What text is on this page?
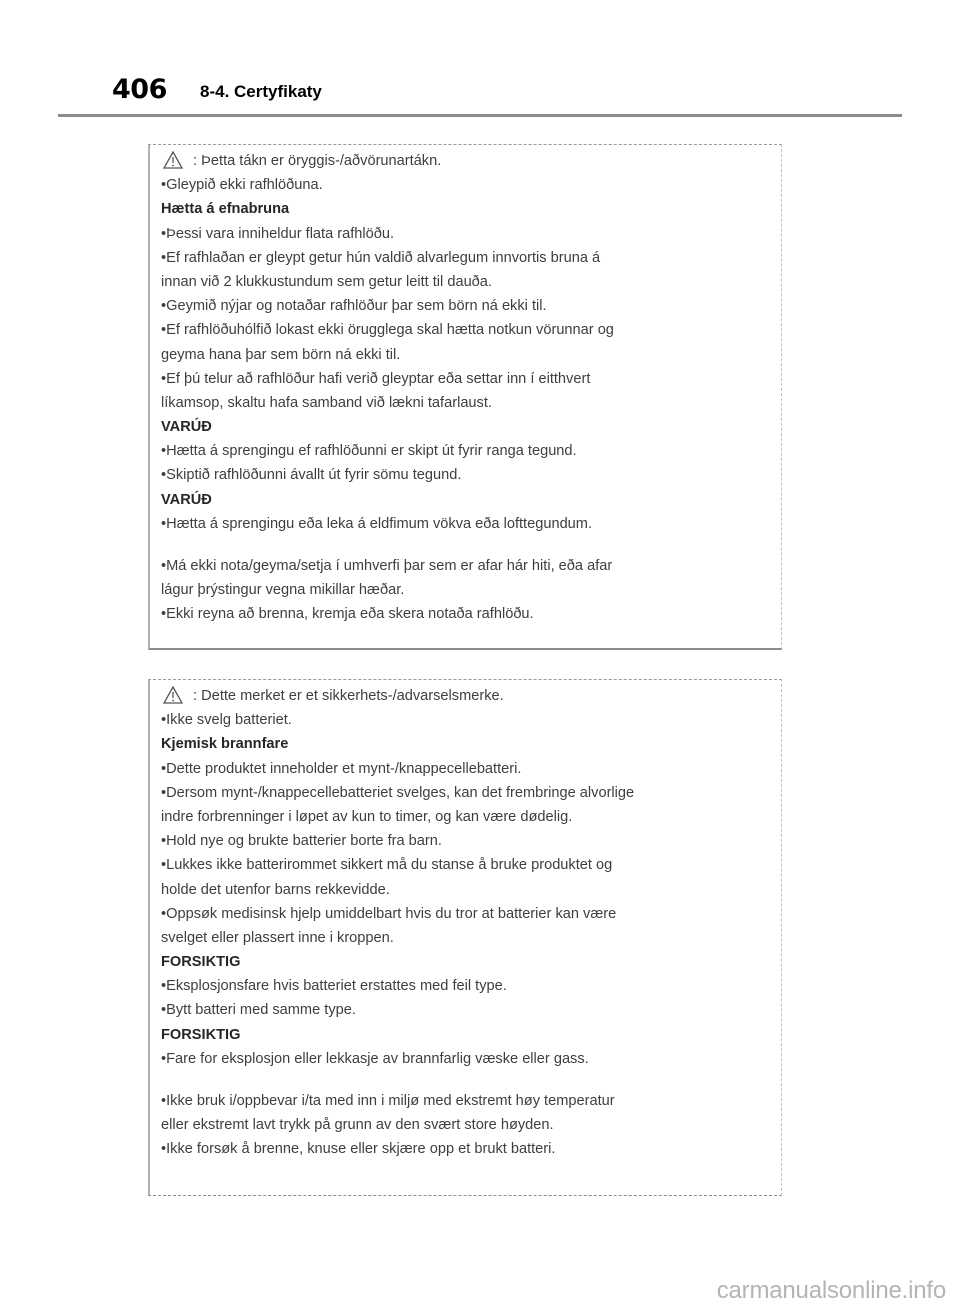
406 8-4. Certyfikaty
: Þetta tákn er öryggis-/aðvörunartákn.
•Gleypið ekki rafhlöðuna.
Hætta á efnabruna
•Þessi vara inniheldur flata rafhlöðu.
•Ef rafhlaðan er gleypt getur hún valdið alvarlegum innvortis bruna á
innan við 2 klukkustundum sem getur leitt til dauða.
•Geymið nýjar og notaðar rafhlöður þar sem börn ná ekki til.
•Ef rafhlöðuhólfið lokast ekki örugglega skal hætta notkun vörunnar og
geyma hana þar sem börn ná ekki til.
•Ef þú telur að rafhlöður hafi verið gleyptar eða settar inn í eitthvert
líkamsop, skaltu hafa samband við lækni tafarlaust.
VARÚÐ
•Hætta á sprengingu ef rafhlöðunni er skipt út fyrir ranga tegund.
•Skiptið rafhlöðunni ávallt út fyrir sömu tegund.
VARÚÐ
•Hætta á sprengingu eða leka á eldfimum vökva eða lofttegundum.
•Má ekki nota/geyma/setja í umhverfi þar sem er afar hár hiti, eða afar
lágur þrýstingur vegna mikillar hæðar.
•Ekki reyna að brenna, kremja eða skera notaða rafhlöðu.
: Dette merket er et sikkerhets-/advarselsmerke.
•Ikke svelg batteriet.
Kjemisk brannfare
•Dette produktet inneholder et mynt-/knappecellebatteri.
•Dersom mynt-/knappecellebatteriet svelges, kan det frembringe alvorlige
indre forbrenninger i løpet av kun to timer, og kan være dødelig.
•Hold nye og brukte batterier borte fra barn.
•Lukkes ikke batterirommet sikkert må du stanse å bruke produktet og
holde det utenfor barns rekkevidde.
•Oppsøk medisinsk hjelp umiddelbart hvis du tror at batterier kan være
svelget eller plassert inne i kroppen.
FORSIKTIG
•Eksplosjonsfare hvis batteriet erstattes med feil type.
•Bytt batteri med samme type.
FORSIKTIG
•Fare for eksplosjon eller lekkasje av brannfarlig væske eller gass.
•Ikke bruk i/oppbevar i/ta med inn i miljø med ekstremt høy temperatur
eller ekstremt lavt trykk på grunn av den svært store høyden.
•Ikke forsøk å brenne, knuse eller skjære opp et brukt batteri.
carmanualsonline.info
